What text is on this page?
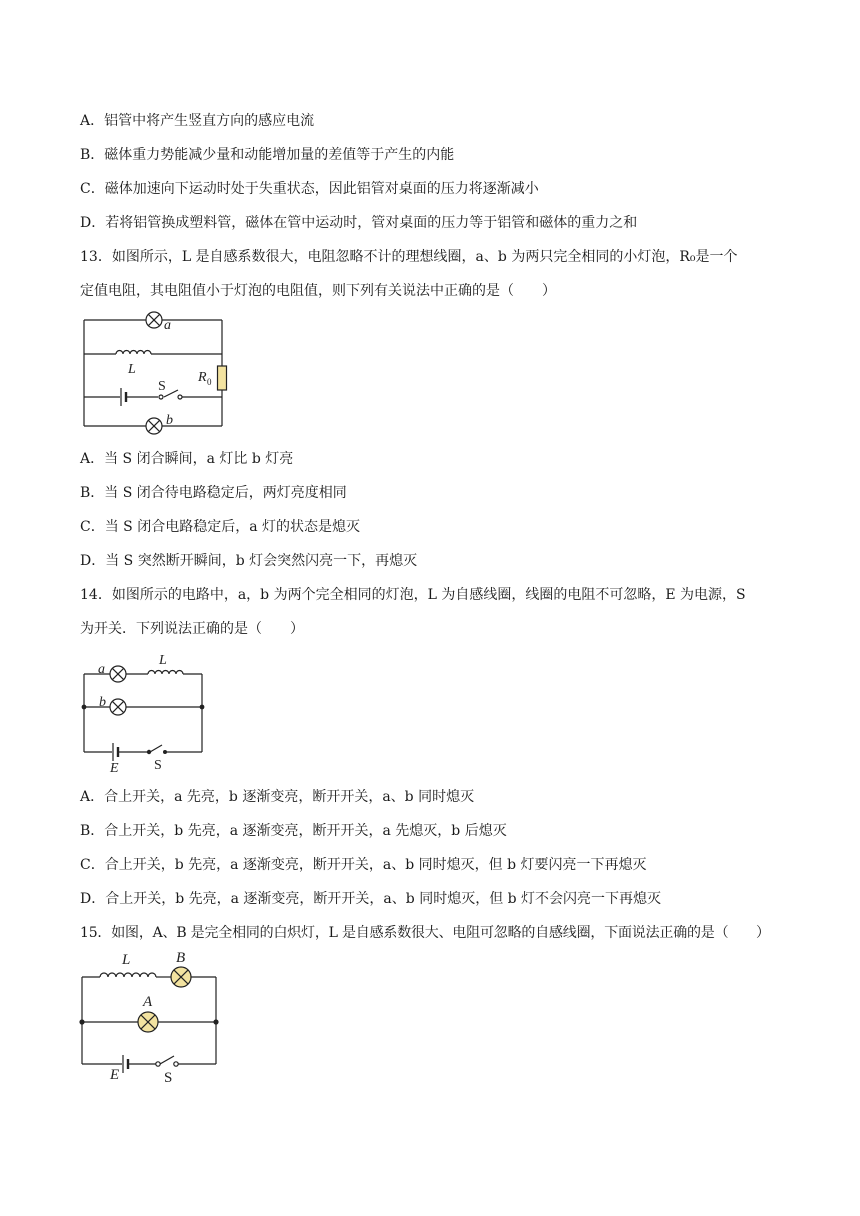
A．铝管中将产生竖直方向的感应电流
B．磁体重力势能减少量和动能增加量的差值等于产生的内能
C．磁体加速向下运动时处于失重状态，因此铝管对桌面的压力将逐渐减小
D．若将铝管换成塑料管，磁体在管中运动时，管对桌面的压力等于铝管和磁体的重力之和
13．如图所示，L 是自感系数很大，电阻忽略不计的理想线圈，a、b 为两只完全相同的小灯泡，R₀是一个
定值电阻，其电阻值小于灯泡的电阻值，则下列有关说法中正确的是（　　）
a
L
S
R 0
b
A．当 S 闭合瞬间，a 灯比 b 灯亮
B．当 S 闭合待电路稳定后，两灯亮度相同
C．当 S 闭合电路稳定后，a 灯的状态是熄灭
D．当 S 突然断开瞬间，b 灯会突然闪亮一下，再熄灭
14．如图所示的电路中，a，b 为两个完全相同的灯泡，L 为自感线圈，线圈的电阻不可忽略，E 为电源，S
为开关．下列说法正确的是（　　）
a
L
b
E	S
A．合上开关，a 先亮，b 逐渐变亮，断开开关，a、b 同时熄灭
B．合上开关，b 先亮，a 逐渐变亮，断开开关，a 先熄灭，b 后熄灭
C．合上开关，b 先亮，a 逐渐变亮，断开开关，a、b 同时熄灭，但 b 灯要闪亮一下再熄灭
D．合上开关，b 先亮，a 逐渐变亮，断开开关，a、b 同时熄灭，但 b 灯不会闪亮一下再熄灭
15．如图，A、B 是完全相同的白炽灯，L 是自感系数很大、电阻可忽略的自感线圈，下面说法正确的是（　　）
L	B
A
E	S
